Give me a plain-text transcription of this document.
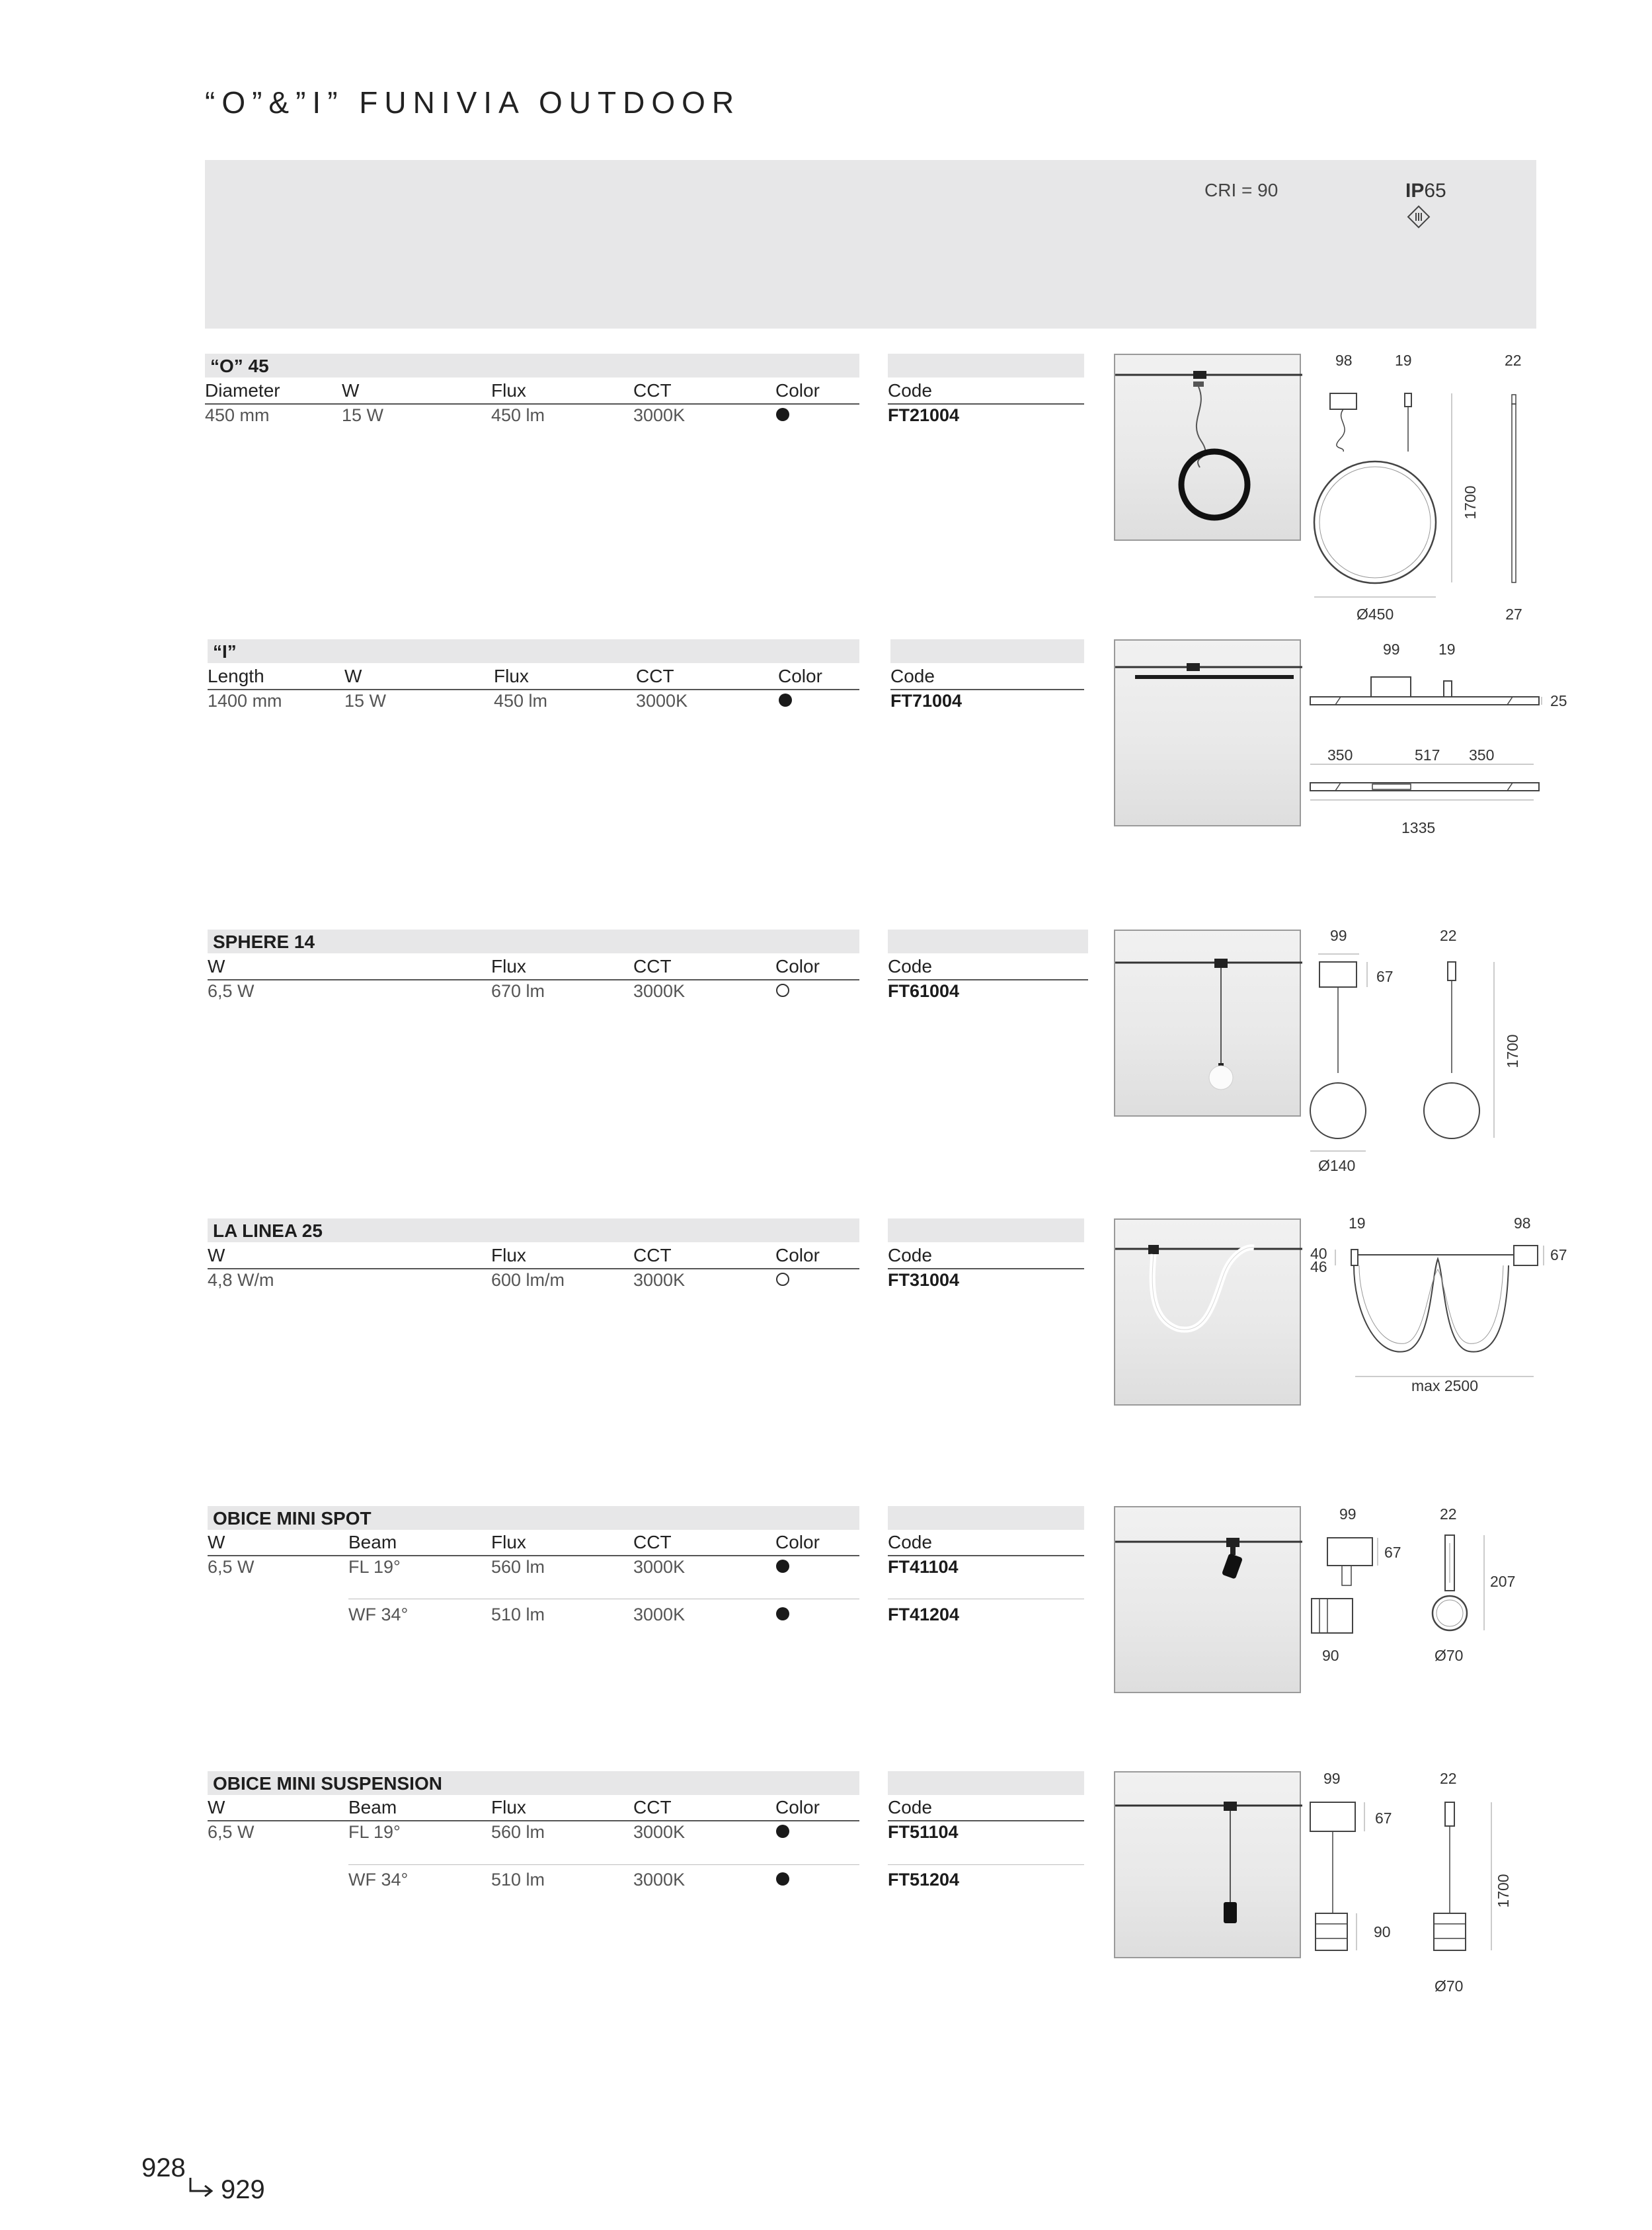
“O”&”I” FUNIVIA OUTDOOR
CRI = 90	IP65
“O” 45
Diameter	W	Flux	CCT	Color	Code
450 mm	15 W	450 lm	3000K	FT21004
98	19	22
1700
Ø450	27
“I”
Length	W	Flux	CCT	Color	Code
1400 mm	15 W	450 lm	3000K	FT71004
99	19
25
350	517 350
1335
SPHERE 14
W	Flux	CCT	Color	Code
6,5 W	670 lm	3000K	FT61004
99	22
67
1700
Ø140
LA LINEA 25
W	Flux	CCT	Color	Code
4,8 W/m	600 lm/m	3000K	FT31004
19	98
40
46
67
max 2500
OBICE MINI SPOT
W	Beam	Flux	CCT	Color	Code
6,5 W	FL 19°	560 lm	3000K	FT41104
WF 34°	510 lm	3000K	FT41204
99	22
67
90
207
Ø70
OBICE MINI SUSPENSION
W	Beam	Flux	CCT	Color	Code
6,5 W	FL 19°	560 lm	3000K	FT51104
WF 34°	510 lm	3000K	FT51204
99	22
67
90
1700
Ø70
928
929
